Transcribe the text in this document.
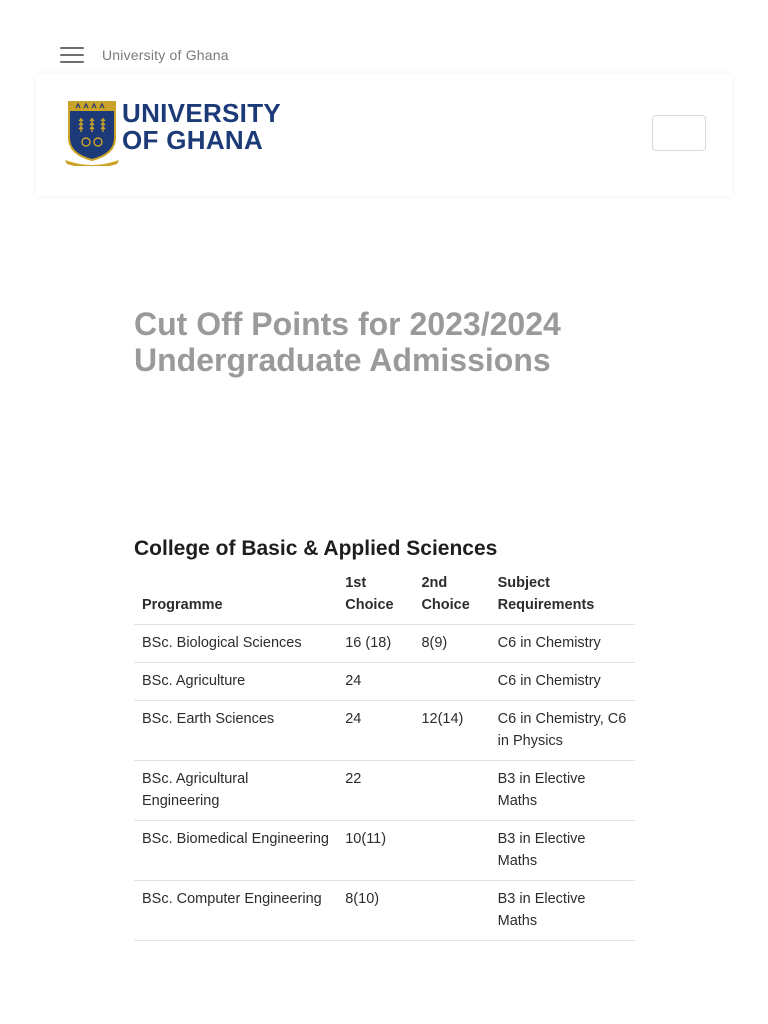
University of Ghana
UNIVERSITY
OF GHANA
Cut Off Points for 2023/2024 Undergraduate Admissions
College of Basic & Applied Sciences
Programme	1st Choice	2nd Choice	Subject Requirements
BSc. Biological Sciences	16 (18)	8(9)	C6 in Chemistry
BSc. Agriculture	24		C6 in Chemistry
BSc. Earth Sciences	24	12(14)	C6 in Chemistry, C6 in Physics
BSc. Agricultural Engineering	22		B3 in Elective Maths
BSc. Biomedical Engineering	10(11)		B3 in Elective Maths
BSc. Computer Engineering	8(10)		B3 in Elective Maths
